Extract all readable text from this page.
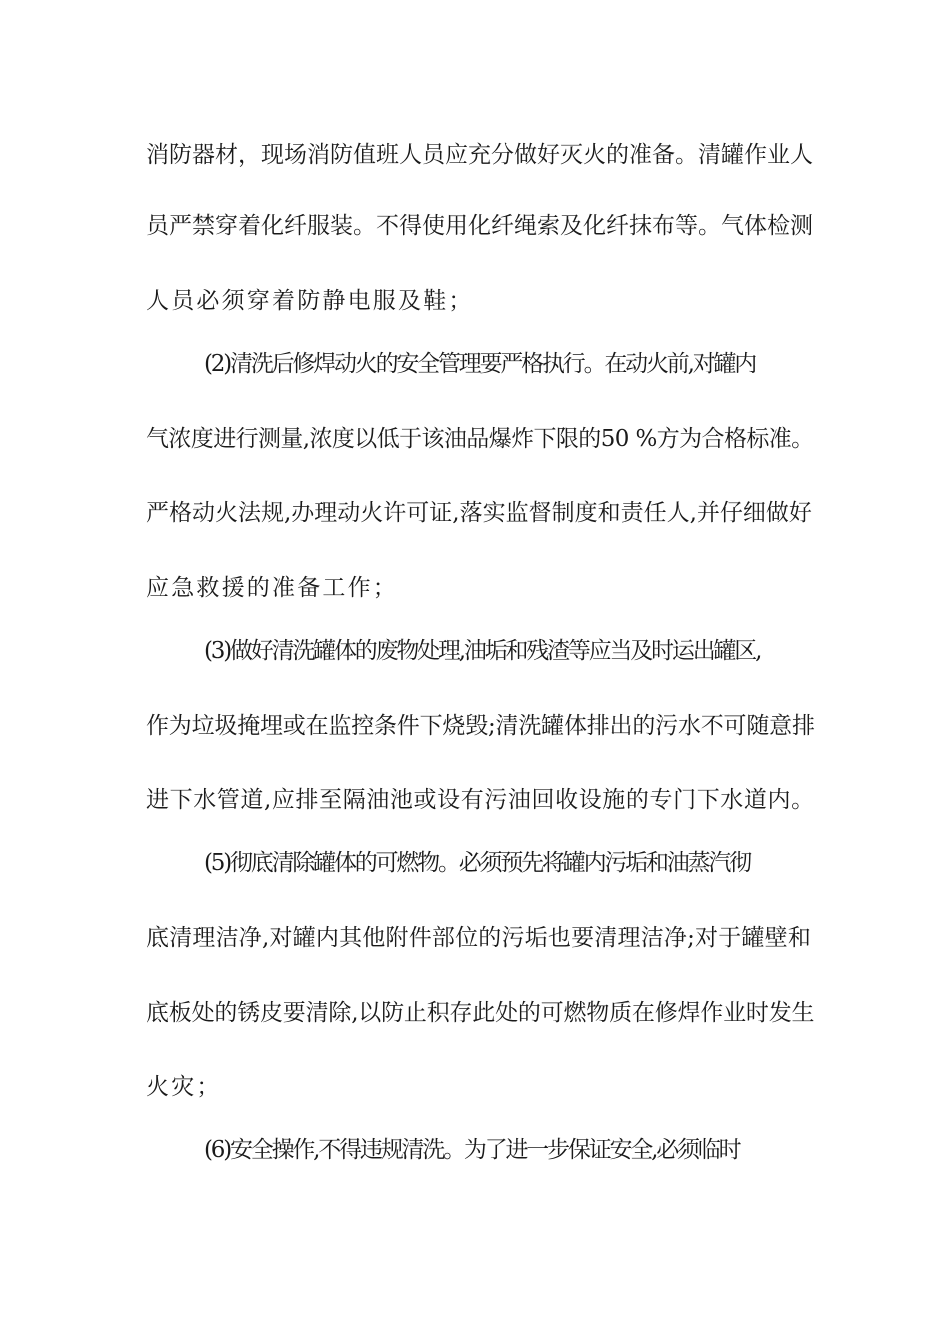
消防器材，现场消防值班人员应充分做好灭火的准备。清罐作业人
员严禁穿着化纤服装。不得使用化纤绳索及化纤抹布等。气体检测
人员必须穿着防静电服及鞋；
(2)清洗后修焊动火的安全管理要严格执行。在动火前,对罐内
气浓度进行测量,浓度以低于该油品爆炸下限的50 %方为合格标准。
严格动火法规,办理动火许可证,落实监督制度和责任人,并仔细做好
应急救援的准备工作；
(3)做好清洗罐体的废物处理,油垢和残渣等应当及时运出罐区,
作为垃圾掩埋或在监控条件下烧毁;清洗罐体排出的污水不可随意排
进下水管道,应排至隔油池或设有污油回收设施的专门下水道内。
(5)彻底清除罐体的可燃物。必须预先将罐内污垢和油蒸汽彻
底清理洁净,对罐内其他附件部位的污垢也要清理洁净;对于罐壁和
底板处的锈皮要清除,以防止积存此处的可燃物质在修焊作业时发生
火灾；
(6)安全操作,不得违规清洗。为了进一步保证安全,必须临时
